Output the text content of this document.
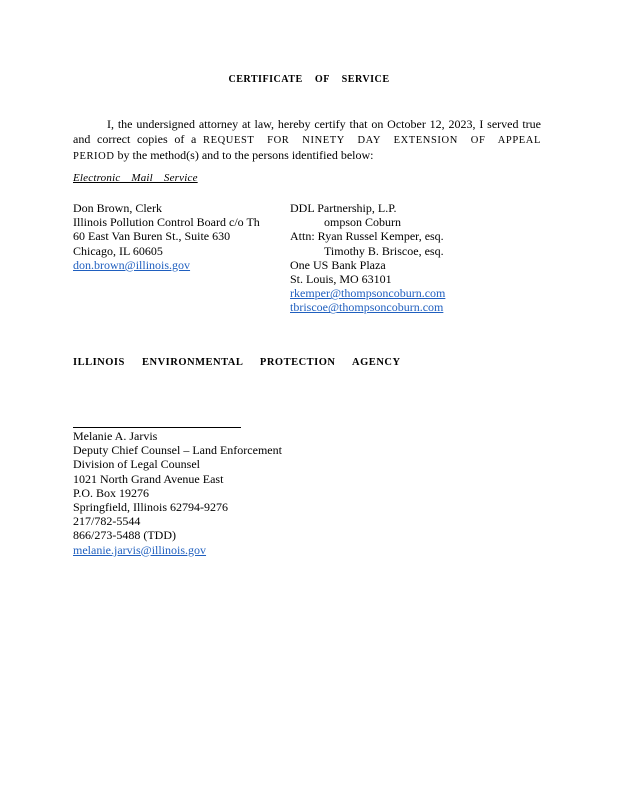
CERTIFICATE OF SERVICE
I, the undersigned attorney at law, hereby certify that on October 12, 2023, I served true and correct copies of a REQUEST FOR NINETY DAY EXTENSION OF APPEAL PERIOD by the method(s) and to the persons identified below:
Electronic Mail Service
Don Brown, Clerk
Illinois Pollution Control Board c/o Th
60 East Van Buren St., Suite 630
Chicago, IL 60605
don.brown@illinois.gov
DDL Partnership, L.P.
ompson Coburn
Attn: Ryan Russel Kemper, esq.
Timothy B. Briscoe, esq.
One US Bank Plaza
St. Louis, MO 63101
rkemper@thompsoncoburn.com
tbriscoe@thompsoncoburn.com
ILLINOIS ENVIRONMENTAL PROTECTION AGENCY
Melanie A. Jarvis
Deputy Chief Counsel – Land Enforcement
Division of Legal Counsel
1021 North Grand Avenue East
P.O. Box 19276
Springfield, Illinois 62794-9276
217/782-5544
866/273-5488 (TDD)
melanie.jarvis@illinois.gov
